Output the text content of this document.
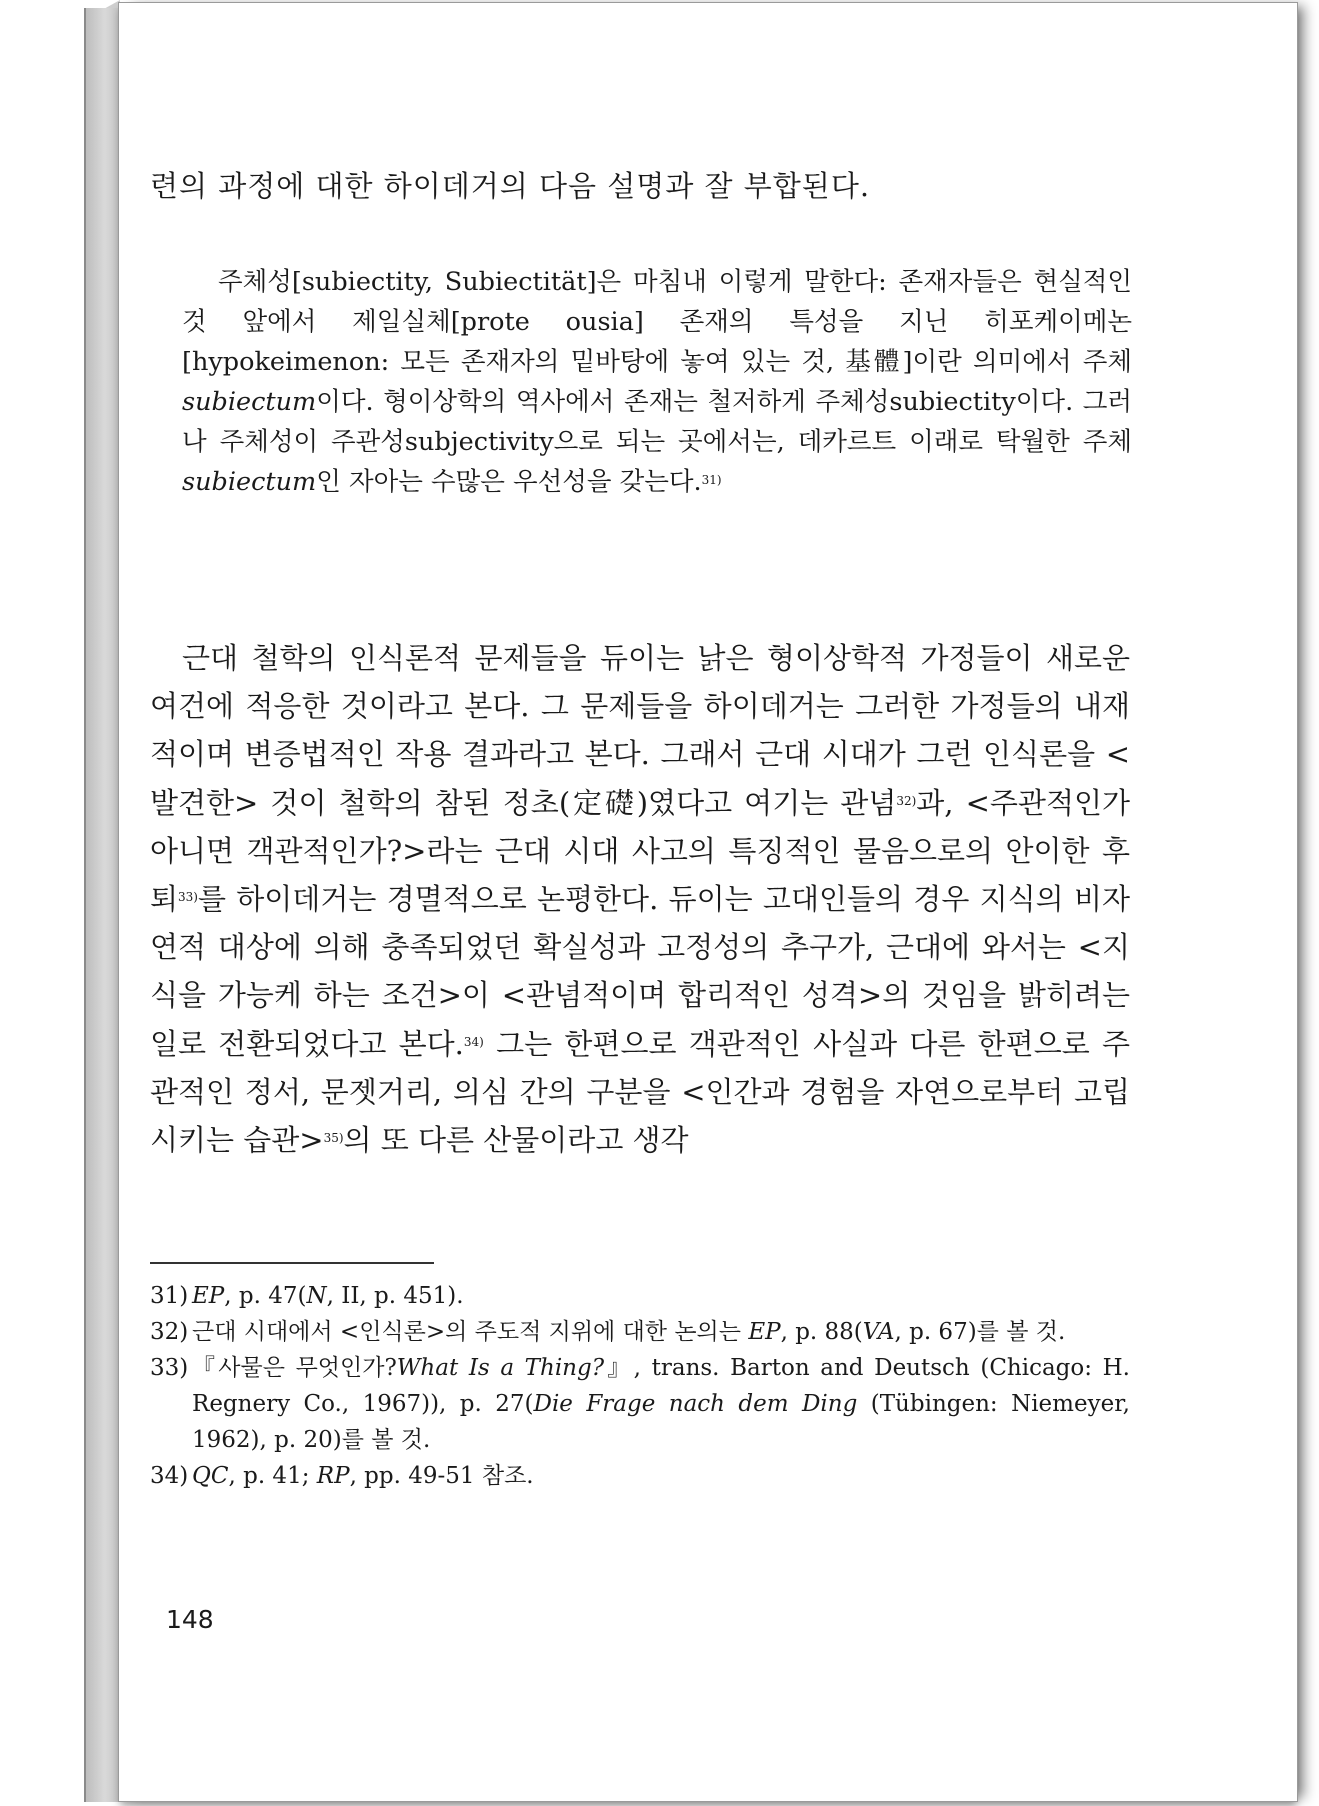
련의 과정에 대한 하이데거의 다음 설명과 잘 부합된다.
주체성[subiectity, Subiectität]은 마침내 이렇게 말한다: 존재자들은 현실적인 것 앞에서 제일실체[prote ousia] 존재의 특성을 지닌 히포케이메논[hypokeimenon: 모든 존재자의 밑바탕에 놓여 있는 것, 基體]이란 의미에서 주체subiectum이다. 형이상학의 역사에서 존재는 철저하게 주체성subiectity이다. 그러나 주체성이 주관성subjectivity으로 되는 곳에서는, 데카르트 이래로 탁월한 주체subiectum인 자아는 수많은 우선성을 갖는다.$^{31)}$
근대 철학의 인식론적 문제들을 듀이는 낡은 형이상학적 가정들이 새로운 여건에 적응한 것이라고 본다. 그 문제들을 하이데거는 그러한 가정들의 내재적이며 변증법적인 작용 결과라고 본다. 그래서 근대 시대가 그런 인식론을 <발견한> 것이 철학의 참된 정초(定礎)였다고 여기는 관념$^{32)}$과, <주관적인가 아니면 객관적인가?>라는 근대 시대 사고의 특징적인 물음으로의 안이한 후퇴$^{33)}$를 하이데거는 경멸적으로 논평한다. 듀이는 고대인들의 경우 지식의 비자연적 대상에 의해 충족되었던 확실성과 고정성의 추구가, 근대에 와서는 <지식을 가능케 하는 조건>이 <관념적이며 합리적인 성격>의 것임을 밝히려는 일로 전환되었다고 본다.$^{34)}$ 그는 한편으로 객관적인 사실과 다른 한편으로 주관적인 정서, 문젯거리, 의심 간의 구분을 <인간과 경험을 자연으로부터 고립시키는 습관>$^{35)}$의 또 다른 산물이라고 생각
31) EP, p. 47(N, II, p. 451).
32) 근대 시대에서 <인식론>의 주도적 지위에 대한 논의는 EP, p. 88(VA, p. 67)를 볼 것.
33) 『사물은 무엇인가?What Is a Thing?』, trans. Barton and Deutsch (Chicago: H. Regnery Co., 1967)), p. 27(Die Frage nach dem Ding (Tübingen: Niemeyer, 1962), p. 20)를 볼 것.
34) QC, p. 41; RP, pp. 49-51 참조.
148
